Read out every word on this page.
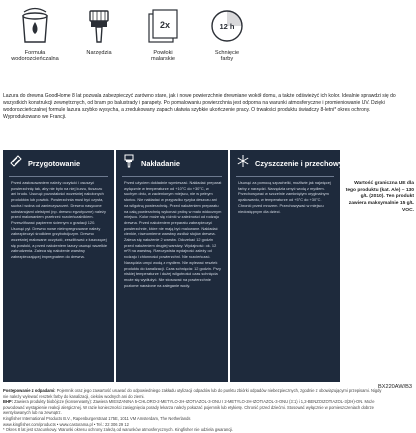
Formuła
wodorozcieńczalna
Narzędzia
2x
Powłoki
malarskie
12 h
Schnięcie
farby

Lazura do drewna GoodHome 8 lat pozwala zabezpieczyć zarówno stare, jak i nowe powierzchnie drewniane wokół domu, a także odświeżyć ich kolor. Idealnie sprawdzi się do wszystkich konstrukcji zewnętrznych, od bram po balustrady i parapety. Po pomalowaniu powierzchnia jest odporna na warunki atmosferyczne i promieniowanie UV. Dzięki wodorozcieńczalnej formule lazura szybko wysycha, a zredukowany zapach ułatwia szybkie ukończenie pracy. O trwałości produktu świadczy 8-letni* okres ochrony. Wyprodukowano we Francji.

Przygotowanie

Przed zastosowaniem należy oczyścić i osuszyć powierzchnię tak, aby nie było na niej kurzu, tłuszczu ani brudu. Usunąć pozostałości wcześniej nałożonych produktów lub powłok. Powierzchnia musi być czysta, sucha i wolna od zanieczyszczeń. Drewno nasycone substancjami oleistymi (np. drewno egzotyczne) należy przed malowaniem przetrzeć rozcieńczalnikiem. Przeszlifować papierem ściernym o gradacji 120. Usunąć pył. Drewno nowe nieimpregnowane należy zabezpieczyć środkiem grzybobójczym. Drewno wcześniej malowane oczyścić, zeszlifować z łuszczącej się powłoki, a przed nałożeniem lazury usunąć wszelkie zabrudzenia. Zaleca się nałożenie warstwy zabezpieczającej impregnatem do drewna.

Nakładanie

Przed użyciem dokładnie wymieszać. Nakładać preparat wyłącznie w temperaturze od +10°C do +30°C, w suchym dniu, w zacienionym miejscu, nie w pełnym słońcu. Nie nakładać w przypadku ryzyka deszczu ani na wilgotną powierzchnię. Przed nałożeniem preparatu na całą powierzchnię wykonać próbę w mało widocznym miejscu. Kolor może się różnić w zależności od rodzaju drewna. Przed nałożeniem preparatu zabezpieczyć powierzchnie, które nie mają być malowane. Nakładać cienkie, równomierne warstwy wzdłuż słojów drewna. Zaleca się nałożenie 2 warstw. Odczekać 12 godzin przed nałożeniem drugiej warstwy. Wydajność: ok. 12 m²/l na warstwę. Rzeczywista wydajność zależy od rodzaju i chłonności powierzchni. Nie rozcieńczać. Narzędzia umyć wodą z mydłem. Nie wylewać resztek produktu do kanalizacji. Czas schnięcia: 12 godzin. Przy niskiej temperaturze i dużej wilgotności czas schnięcia może się wydłużyć. Nie stosować na powierzchnie poziome narażone na zaleganie wody.

Czyszczenie i przechowywanie

Usunąć za pomocą szpachelki, możliwie jak najwięcej farby z narzędzi. Narzędzia umyć wodą z mydłem. Przechowywać w szczelnie zamkniętym oryginalnym opakowaniu, w temperaturze od +5°C do +30°C. Chronić przed mrozem. Przechowywać w miejscu niedostępnym dla dzieci.

Wartość graniczna UE dla tego produktu (kat. A/e) – 130 g/L (2010). Ten produkt zawiera maksymalnie 15 g/L VOC.
BX220AW/B3

Postępowanie z odpadami: Pojemnik oraz jego zawartość usuwać do odpowiedniego zakładu utylizacji odpadów lub do punktu zbiórki odpadów niebezpiecznych, zgodnie z obowiązującymi przepisami. Nigdy nie należy wylewać resztek farby do kanalizacji, cieków wodnych ani do ziemi.

BHP: Zawiera produkty biobójcze (konserwanty): Zawiera MIESZANINA 5-CHLORO-2-METYLO-2H-IZOTIAZOL-3-ONU I 2-METYLO-2H-IZOTIAZOL-3-ONU (3:1) i 1,2-BENZOIZOTIAZOL-3(2H)-ON. Może powodować wystąpienie reakcji alergicznej. W razie konieczności zasięgnięcia porady lekarza należy pokazać pojemnik lub etykietę. Chronić przed dziećmi. Stosować wyłącznie w pomieszczeniach dobrze wentylowanych lub na zewnątrz.

Kingfisher International Products B.V., Rapenburgerstraat 175E, 1011 VM Amsterdam, The Netherlands

www.kingfisher.com/products • www.castorama.pl • Tel.: 22 306 29 12

* Okres 8 lat jest szacunkowy. Warunki okresu ochrony zależą od warunków atmosferycznych. Kingfisher nie udziela gwarancji.
